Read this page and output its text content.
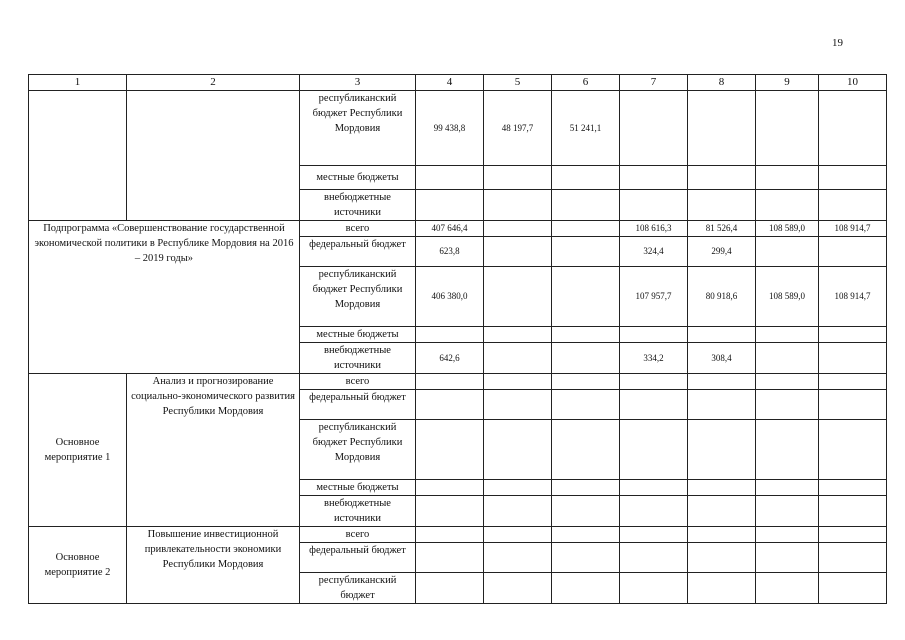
19
1	2	3	4	5	6	7	8	9	10
		республиканский бюджет Республики Мордовия	99 438,8	48 197,7	51 241,1				
		местные бюджеты							
		внебюджетные источники							
Подпрограмма «Совершенствование государственной экономической политики в Республике Мордовия на 2016 – 2019 годы»		всего	407 646,4			108 616,3	81 526,4	108 589,0	108 914,7
		федеральный бюджет	623,8			324,4	299,4		
		республиканский бюджет Республики Мордовия	406 380,0			107 957,7	80 918,6	108 589,0	108 914,7
		местные бюджеты							
		внебюджетные источники	642,6			334,2	308,4		
Основное мероприятие 1	Анализ и прогнозирование социально-экономического развития Республики Мордовия	всего							
		федеральный бюджет							
		республиканский бюджет Республики Мордовия							
		местные бюджеты							
		внебюджетные источники							
Основное мероприятие 2	Повышение инвестиционной привлекательности экономики Республики Мордовия	всего							
		федеральный бюджет							
		республиканский бюджет							
